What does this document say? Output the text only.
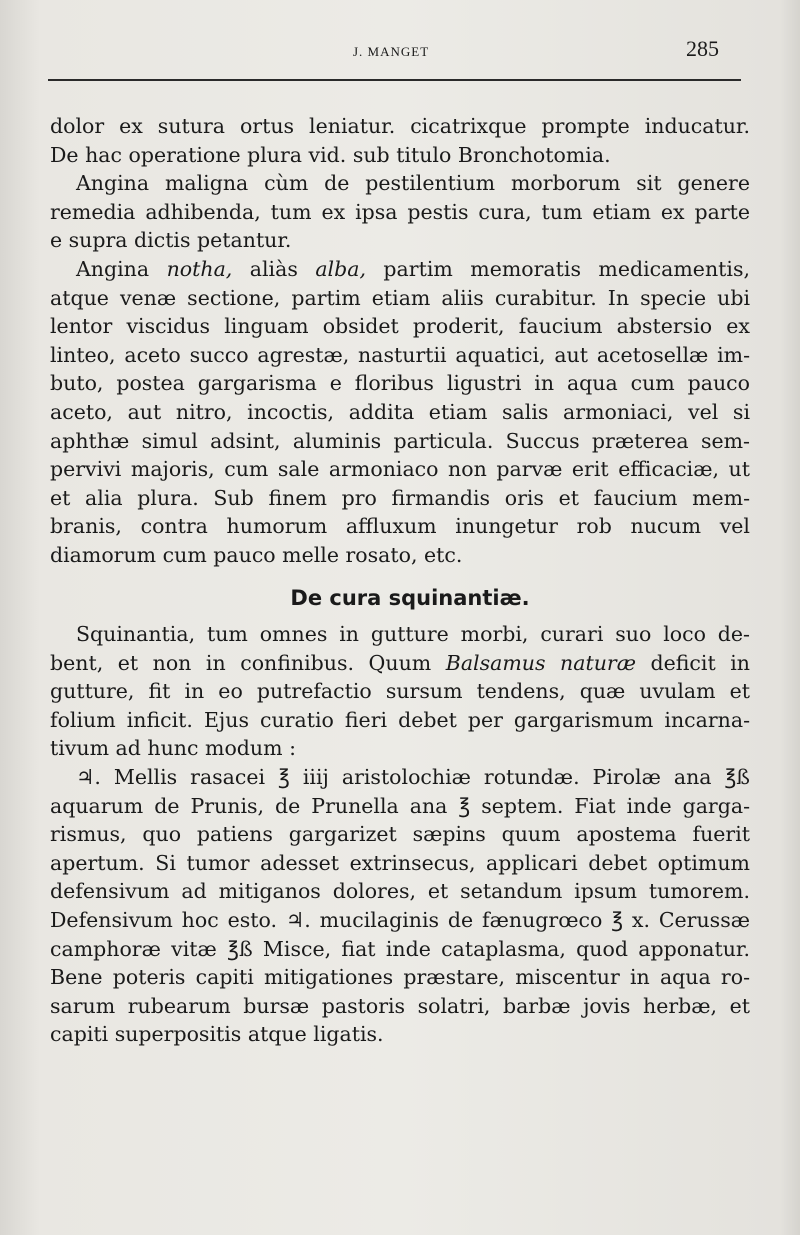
J. MANGET	285
dolor ex sutura ortus leniatur. cicatrixque prompte inducatur.
De hac operatione plura vid. sub titulo Bronchotomia.
Angina maligna cùm de pestilentium morborum sit genere
remedia adhibenda, tum ex ipsa pestis cura, tum etiam ex parte
e supra dictis petantur.
Angina notha, aliàs alba, partim memoratis medicamentis,
atque venæ sectione, partim etiam aliis curabitur. In specie ubi
lentor viscidus linguam obsidet proderit, faucium abstersio ex
linteo, aceto succo agrestæ, nasturtii aquatici, aut acetosellæ im-
buto, postea gargarisma e floribus ligustri in aqua cum pauco
aceto, aut nitro, incoctis, addita etiam salis armoniaci, vel si
aphthæ simul adsint, aluminis particula. Succus præterea sem-
pervivi majoris, cum sale armoniaco non parvæ erit efficaciæ, ut
et alia plura. Sub finem pro firmandis oris et faucium mem-
branis, contra humorum affluxum inungetur rob nucum vel
diamorum cum pauco melle rosato, etc.
De cura squinantiæ.
Squinantia, tum omnes in gutture morbi, curari suo loco de-
bent, et non in confinibus. Quum Balsamus naturæ deficit in
gutture, fit in eo putrefactio sursum tendens, quæ uvulam et
folium inficit. Ejus curatio fieri debet per gargarismum incarna-
tivum ad hunc modum :
♃. Mellis rasacei ℥ iiij aristolochiæ rotundæ. Pirolæ ana ℥ß
aquarum de Prunis, de Prunella ana ℥ septem. Fiat inde garga-
rismus, quo patiens gargarizet sæpins quum apostema fuerit
apertum. Si tumor adesset extrinsecus, applicari debet optimum
defensivum ad mitiganos dolores, et setandum ipsum tumorem.
Defensivum hoc esto. ♃. mucilaginis de fænugrœco ℥ x. Cerussæ
camphoræ vitæ ℥ß Misce, fiat inde cataplasma, quod apponatur.
Bene poteris capiti mitigationes præstare, miscentur in aqua ro-
sarum rubearum bursæ pastoris solatri, barbæ jovis herbæ, et
capiti superpositis atque ligatis.
